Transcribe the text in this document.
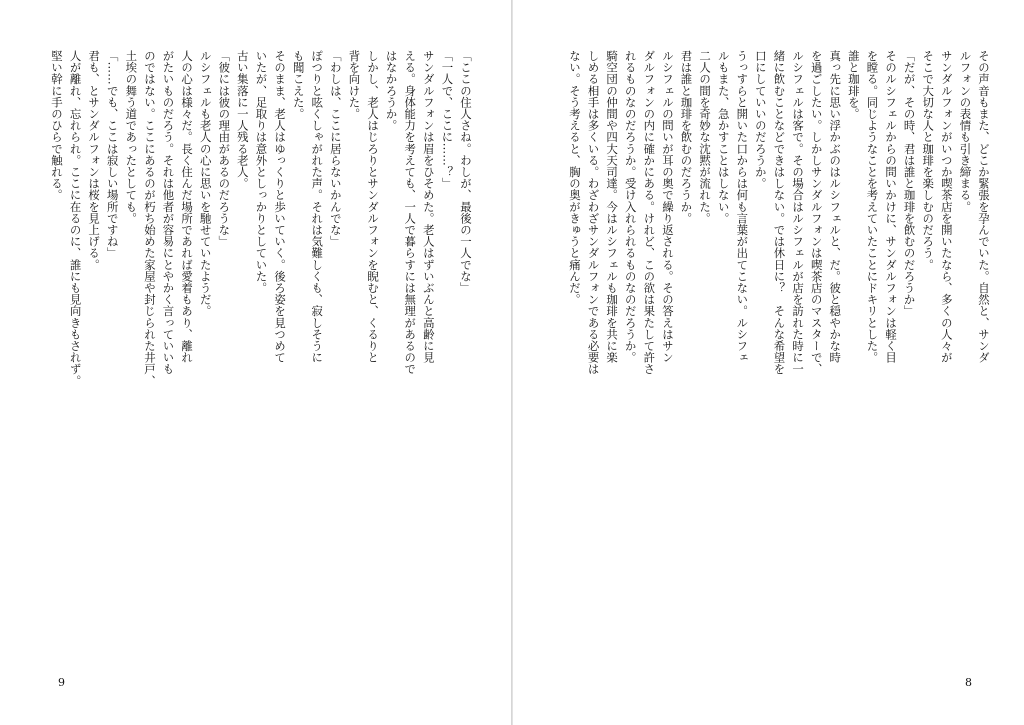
「ここの住人さね。わしが、最後の一人でな」
「一人で、ここに……？」
サンダルフォンは眉をひそめた。老人はずいぶんと高齢に見
える。身体能力を考えても、一人で暮らすには無理があるので
はなかろうか。
しかし、老人はじろりとサンダルフォンを睨むと、くるりと
背を向けた。
「わしは、ここに居らないかんでな」
ぽつりと呟くしゃがれた声。それは気難しくも、寂しそうに
も聞こえた。
そのまま、老人はゆっくりと歩いていく。後ろ姿を見つめて
いたが、足取りは意外としっかりとしていた。
古い集落に一人残る老人。
「彼には彼の理由があるのだろうな」
ルシフェルも老人の心に思いを馳せていたようだ。
人の心は様々だ。長く住んだ場所であれば愛着もあり、離れ
がたいものだろう。それは他者が容易にとやかく言っていいも
のではない。ここにあるのが朽ち始めた家屋や封じられた井戸、
土埃の舞う道であったとしても。
「……でも、ここは寂しい場所ですね」
君も、とサンダルフォンは桜を見上げる。
人が離れ、忘れられ。ここに在るのに、誰にも見向きもされず。
堅い幹に手のひらで触れる。

9
その声音もまた、どこか緊張を孕んでいた。自然と、サンダ
ルフォンの表情も引き締まる。
サンダルフォンがいつか喫茶店を開いたなら、多くの人々が
そこで大切な人と珈琲を楽しむのだろう。
「だが、その時、君は誰と珈琲を飲むのだろうか」
そのルシフェルからの問いかけに、サンダルフォンは軽く目
を瞠る。同じようなことを考えていたことにドキリとした。
誰と珈琲を。
真っ先に思い浮かぶのはルシフェルと、だ。彼と穏やかな時
を過ごしたい。しかしサンダルフォンは喫茶店のマスターで、
ルシフェルは客で。その場合はルシフェルが店を訪れた時に一
緒に飲むことなどできはしない。では休日に？　そんな希望を
口にしていいのだろうか。
うっすらと開いた口からは何も言葉が出てこない。ルシフェ
ルもまた、急かすことはしない。
二人の間を奇妙な沈黙が流れた。
君は誰と珈琲を飲むのだろうか。
ルシフェルの問いが耳の奥で繰り返される。その答えはサン
ダルフォンの内に確かにある。けれど、この欲は果たして許さ
れるものなのだろうか。受け入れられるものなのだろうか。
騎空団の仲間や四大天司達。今はルシフェルも珈琲を共に楽
しめる相手は多くいる。わざわざサンダルフォンである必要は
ない。そう考えると、胸の奥がきゅうと痛んだ。

8
